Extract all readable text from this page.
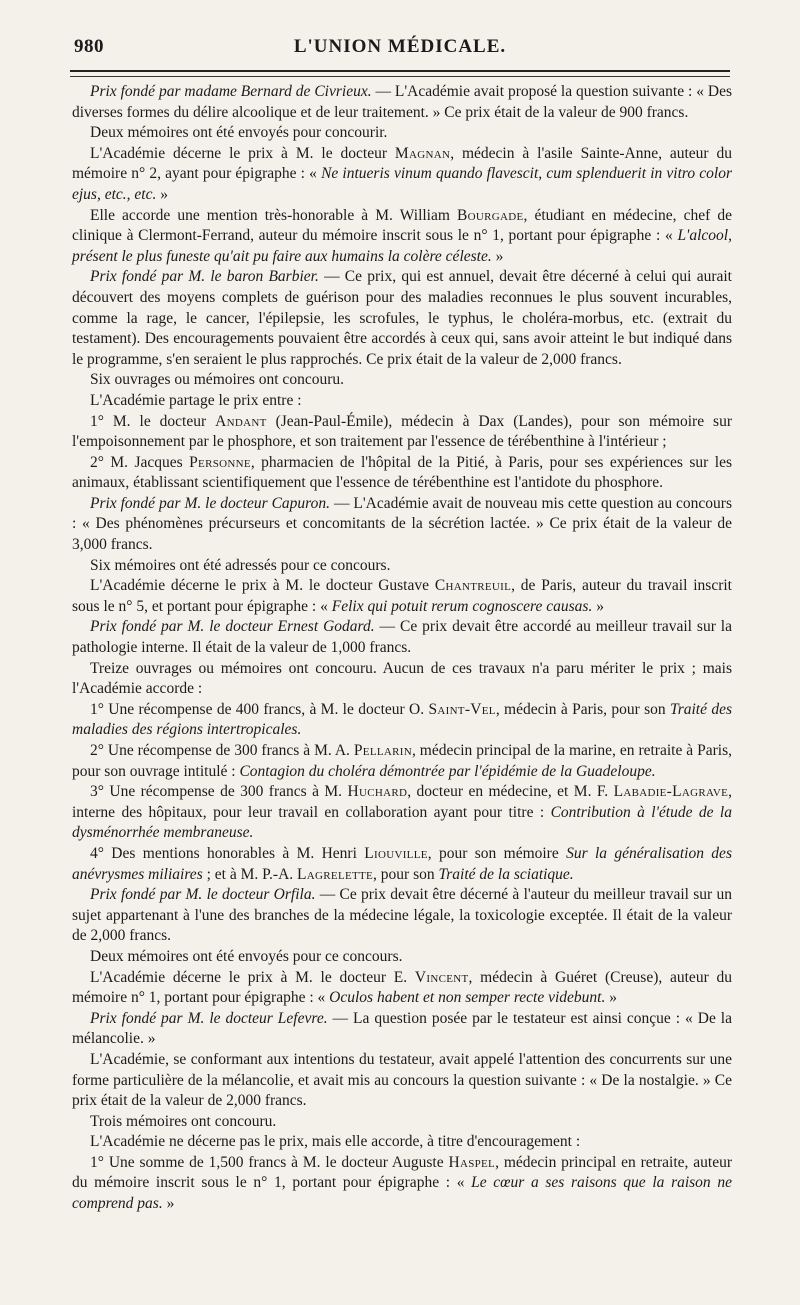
980	L'UNION MÉDICALE.

Prix fondé par madame Bernard de Civrieux. — L'Académie avait proposé la question suivante : « Des diverses formes du délire alcoolique et de leur traitement. » Ce prix était de la valeur de 900 francs.

Deux mémoires ont été envoyés pour concourir.

L'Académie décerne le prix à M. le docteur Magnan, médecin à l'asile Sainte-Anne, auteur du mémoire n° 2, ayant pour épigraphe : « Ne intueris vinum quando flavescit, cum splenduerit in vitro color ejus, etc., etc. »

Elle accorde une mention très-honorable à M. William Bourgade, étudiant en médecine, chef de clinique à Clermont-Ferrand, auteur du mémoire inscrit sous le n° 1, portant pour épigraphe : « L'alcool, présent le plus funeste qu'ait pu faire aux humains la colère céleste. »

Prix fondé par M. le baron Barbier. — Ce prix, qui est annuel, devait être décerné à celui qui aurait découvert des moyens complets de guérison pour des maladies reconnues le plus souvent incurables, comme la rage, le cancer, l'épilepsie, les scrofules, le typhus, le choléra-morbus, etc. (extrait du testament). Des encouragements pouvaient être accordés à ceux qui, sans avoir atteint le but indiqué dans le programme, s'en seraient le plus rapprochés. Ce prix était de la valeur de 2,000 francs.

Six ouvrages ou mémoires ont concouru.

L'Académie partage le prix entre :

1° M. le docteur Andant (Jean-Paul-Émile), médecin à Dax (Landes), pour son mémoire sur l'empoisonnement par le phosphore, et son traitement par l'essence de térébenthine à l'intérieur ;

2° M. Jacques Personne, pharmacien de l'hôpital de la Pitié, à Paris, pour ses expériences sur les animaux, établissant scientifiquement que l'essence de térébenthine est l'antidote du phosphore.

Prix fondé par M. le docteur Capuron. — L'Académie avait de nouveau mis cette question au concours : « Des phénomènes précurseurs et concomitants de la sécrétion lactée. » Ce prix était de la valeur de 3,000 francs.

Six mémoires ont été adressés pour ce concours.

L'Académie décerne le prix à M. le docteur Gustave Chantreuil, de Paris, auteur du travail inscrit sous le n° 5, et portant pour épigraphe : « Felix qui potuit rerum cognoscere causas. »

Prix fondé par M. le docteur Ernest Godard. — Ce prix devait être accordé au meilleur travail sur la pathologie interne. Il était de la valeur de 1,000 francs.

Treize ouvrages ou mémoires ont concouru. Aucun de ces travaux n'a paru mériter le prix ; mais l'Académie accorde :

1° Une récompense de 400 francs, à M. le docteur O. Saint-Vel, médecin à Paris, pour son Traité des maladies des régions intertropicales.

2° Une récompense de 300 francs à M. A. Pellarin, médecin principal de la marine, en retraite à Paris, pour son ouvrage intitulé : Contagion du choléra démontrée par l'épidémie de la Guadeloupe.

3° Une récompense de 300 francs à M. Huchard, docteur en médecine, et M. F. Labadie-Lagrave, interne des hôpitaux, pour leur travail en collaboration ayant pour titre : Contribution à l'étude de la dysménorrhée membraneuse.

4° Des mentions honorables à M. Henri Liouville, pour son mémoire Sur la généralisation des anévrysmes miliaires ; et à M. P.-A. Lagrelette, pour son Traité de la sciatique.

Prix fondé par M. le docteur Orfila. — Ce prix devait être décerné à l'auteur du meilleur travail sur un sujet appartenant à l'une des branches de la médecine légale, la toxicologie exceptée. Il était de la valeur de 2,000 francs.

Deux mémoires ont été envoyés pour ce concours.

L'Académie décerne le prix à M. le docteur E. Vincent, médecin à Guéret (Creuse), auteur du mémoire n° 1, portant pour épigraphe : « Oculos habent et non semper recte videbunt. »

Prix fondé par M. le docteur Lefevre. — La question posée par le testateur est ainsi conçue : « De la mélancolie. »

L'Académie, se conformant aux intentions du testateur, avait appelé l'attention des concurrents sur une forme particulière de la mélancolie, et avait mis au concours la question suivante : « De la nostalgie. » Ce prix était de la valeur de 2,000 francs.

Trois mémoires ont concouru.

L'Académie ne décerne pas le prix, mais elle accorde, à titre d'encouragement :

1° Une somme de 1,500 francs à M. le docteur Auguste Haspel, médecin principal en retraite, auteur du mémoire inscrit sous le n° 1, portant pour épigraphe : « Le cœur a ses raisons que la raison ne comprend pas. »
